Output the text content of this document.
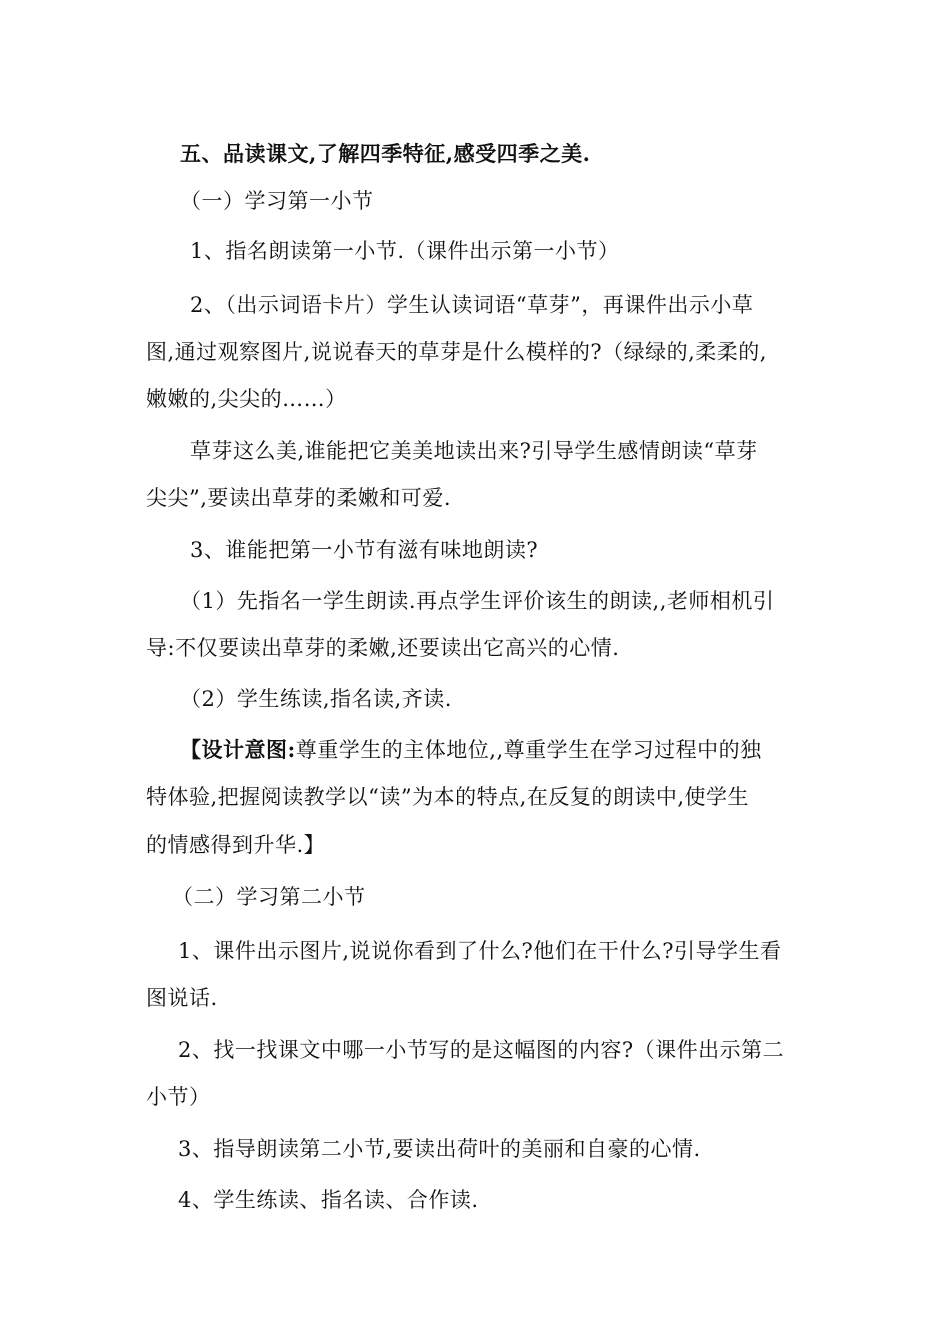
五、品读课文,了解四季特征,感受四季之美.
（一）学习第一小节
1、指名朗读第一小节.（课件出示第一小节）
2、（出示词语卡片）学生认读词语“草芽”，再课件出示小草
图,通过观察图片,说说春天的草芽是什么模样的?（绿绿的,柔柔的,
嫩嫩的,尖尖的……）
草芽这么美,谁能把它美美地读出来?引导学生感情朗读“草芽
尖尖”,要读出草芽的柔嫩和可爱.
3、谁能把第一小节有滋有味地朗读?
（1）先指名一学生朗读.再点学生评价该生的朗读,,老师相机引
导:不仅要读出草芽的柔嫩,还要读出它高兴的心情.
（2）学生练读,指名读,齐读.
【设计意图:尊重学生的主体地位,,尊重学生在学习过程中的独
特体验,把握阅读教学以“读”为本的特点,在反复的朗读中,使学生
的情感得到升华.】
（二）学习第二小节
1、课件出示图片,说说你看到了什么?他们在干什么?引导学生看
图说话.
2、找一找课文中哪一小节写的是这幅图的内容?（课件出示第二
小节）
3、指导朗读第二小节,要读出荷叶的美丽和自豪的心情.
4、学生练读、指名读、合作读.
